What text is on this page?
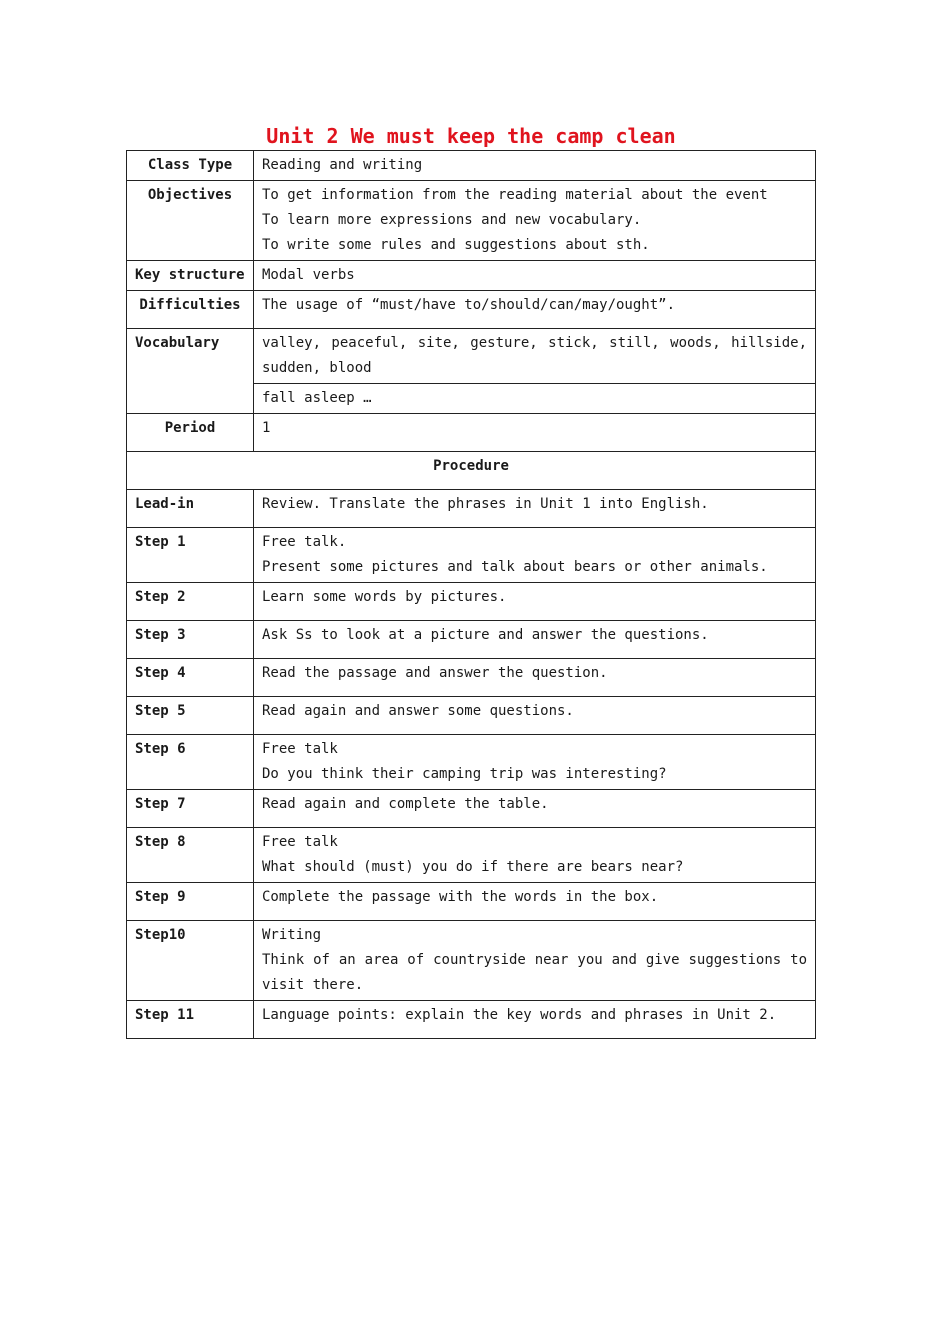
Unit 2 We must keep the camp clean
Class Type	Reading and writing
Objectives	To get information from the reading material about the event
To learn more expressions and new vocabulary.
To write some rules and suggestions about sth.

Key structure	Modal verbs
Difficulties	The usage of “must/have to/should/can/may/ought”.
Vocabulary	valley, peaceful, site, gesture, stick, still, woods, hillside, sudden, blood
	fall asleep …
Period	1
Procedure	
Lead-in	Review. Translate the phrases in Unit 1 into English.

Step 1	Free talk.
Present some pictures and talk about bears or other animals.

Step 2	Learn some words by pictures.

Step 3	Ask Ss to look at a picture and answer the questions.

Step 4	Read the passage and answer the question.

Step 5	Read again and answer some questions.

Step 6	Free talk
Do you think their camping trip was interesting?

Step 7	Read again and complete the table.

Step 8	Free talk
What should (must) you do if there are bears near?

Step 9	Complete the passage with the words in the box.

Step10	Writing
Think of an area of countryside near you and give suggestions to visit there.

Step 11	Language points: explain the key words and phrases in Unit 2.
